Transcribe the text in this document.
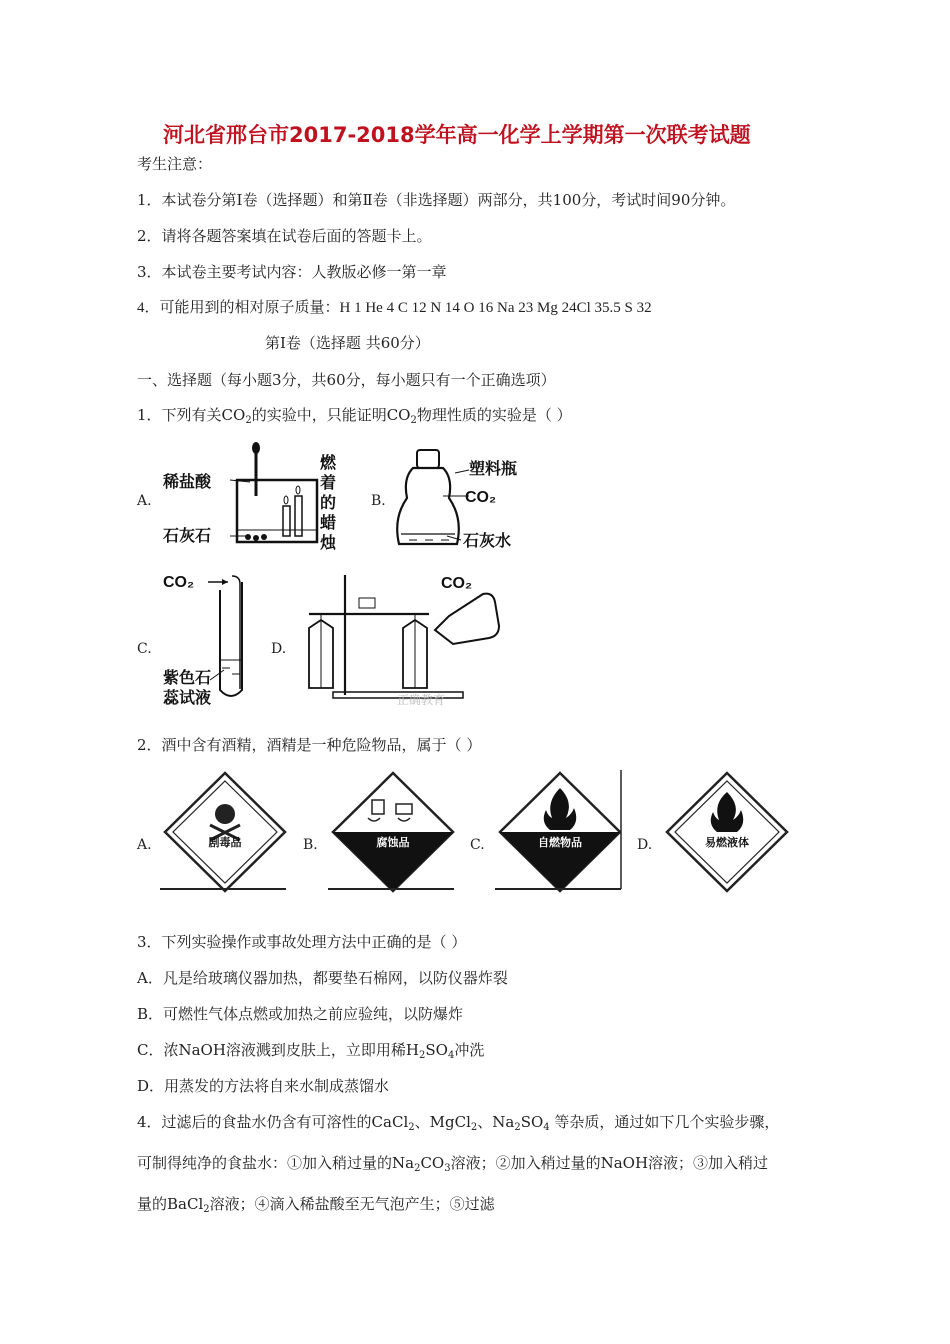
河北省邢台市2017-2018学年高一化学上学期第一次联考试题
考生注意：
1．本试卷分第Ⅰ卷（选择题）和第Ⅱ卷（非选择题）两部分，共100分，考试时间90分钟。
2．请将各题答案填在试卷后面的答题卡上。
3．本试卷主要考试内容：人教版必修一第一章
4．可能用到的相对原子质量：H 1 He 4 C 12 N 14 O 16 Na 23 Mg 24Cl 35.5 S 32
第Ⅰ卷（选择题 共60分）
一、选择题（每小题3分，共60分，每小题只有一个正确选项）
1．下列有关$CO_2$的实验中，只能证明$CO_2$物理性质的实验是（ ）
A.	B.
C.	D.
稀盐酸
石灰石
燃
着
的
蜡
烛
塑料瓶
CO₂
石灰水
CO₂
紫色石
蕊试液
CO₂
正确教育
2．酒中含有酒精，酒精是一种危险物品，属于（ ）
A.	B.	C.	D.
剧毒品	腐蚀品	自燃物品	易燃液体
3．下列实验操作或事故处理方法中正确的是（ ）
A．凡是给玻璃仪器加热，都要垫石棉网，以防仪器炸裂
B．可燃性气体点燃或加热之前应验纯，以防爆炸
C．浓NaOH溶液溅到皮肤上，立即用稀$H_2SO_4$冲洗
D．用蒸发的方法将自来水制成蒸馏水
4．过滤后的食盐水仍含有可溶性的CaCl$_2$、MgCl$_2$、$Na_2SO_4$ 等杂质，通过如下几个实验步骤，
可制得纯净的食盐水：①加入稍过量的$Na_2CO_3$溶液；②加入稍过量的NaOH溶液；③加入稍过
量的BaCl$_2$溶液；④滴入稀盐酸至无气泡产生；⑤过滤
